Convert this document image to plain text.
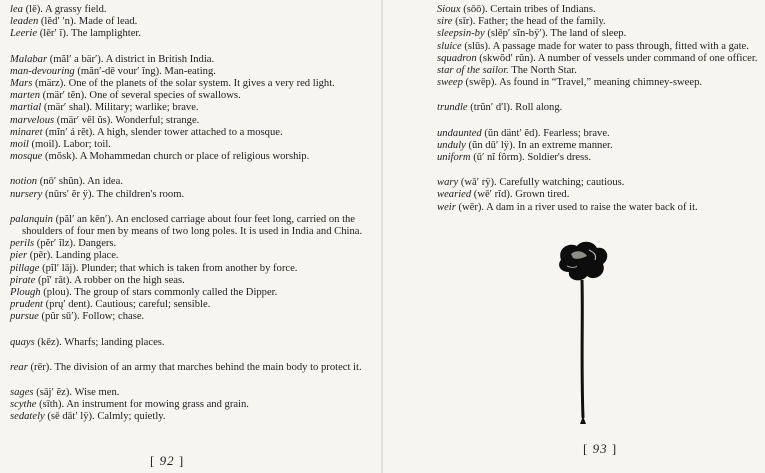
lea (lē). A grassy field.
leaden (lĕd′ ′n). Made of lead.
Leerie (lēr′ ĭ). The lamplighter.
Malabar (măl′ a bär′). A district in British India.
man-devouring (măn′-dē vour′ ĭng). Man-eating.
Mars (märz). One of the planets of the solar system. It gives a very red light.
marten (mär′ tĕn). One of several species of swallows.
martial (mär′ shal). Military; warlike; brave.
marvelous (mär′ vĕl ŭs). Wonderful; strange.
minaret (mĭn′ á rĕt). A high, slender tower attached to a mosque.
moil (moil). Labor; toil.
mosque (mŏsk). A Mohammedan church or place of religious worship.
notion (nō′ shŭn). An idea.
nursery (nûrs′ ĕr ÿ). The children's room.
palanquin (păl′ an kēn′). An enclosed carriage about four feet long, carried on the shoulders of four men by means of two long poles. It is used in India and China.
perils (pĕr′ ĭlz). Dangers.
pier (pēr). Landing place.
pillage (pĭl′ lāj). Plunder; that which is taken from another by force.
pirate (pĭ′ rāt). A robber on the high seas.
Plough (plou). The group of stars commonly called the Dipper.
prudent (prų′ dent). Cautious; careful; sensible.
pursue (pûr sū′). Follow; chase.
quays (kēz). Wharfs; landing places.
rear (rēr). The division of an army that marches behind the main body to protect it.
sages (sāj′ ĕz). Wise men.
scythe (sīth). An instrument for mowing grass and grain.
sedately (sē dāt′ lÿ). Calmly; quietly.
[ 92 ]
Sioux (sōō). Certain tribes of Indians.
sire (sīr). Father; the head of the family.
sleepsin-by (slēp′ sĭn-bÿ′). The land of sleep.
sluice (slūs). A passage made for water to pass through, fitted with a gate.
squadron (skwŏd′ rŭn). A number of vessels under command of one officer.
star of the sailor. The North Star.
sweep (swēp). As found in “Travel,” meaning chimney-sweep.
trundle (trŭn′ d′l). Roll along.
undaunted (ŭn dänt′ ĕd). Fearless; brave.
unduly (ŭn dū′ lÿ). In an extreme manner.
uniform (ū′ nĭ fôrm). Soldier's dress.
wary (wā′ rÿ). Carefully watching; cautious.
wearied (wē′ rĭd). Grown tired.
weir (wēr). A dam in a river used to raise the water back of it.
[ 93 ]
